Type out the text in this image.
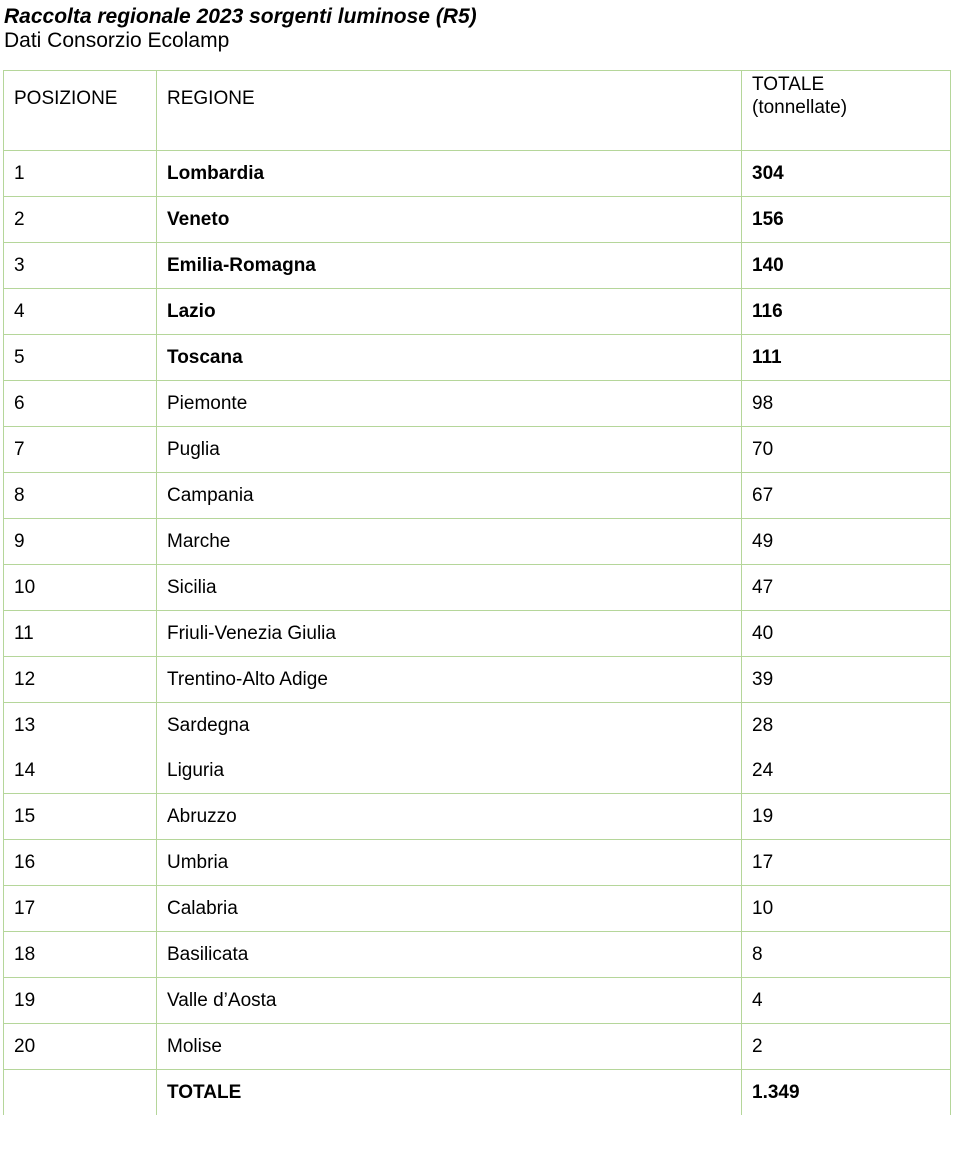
Raccolta regionale 2023 sorgenti luminose (R5)
Dati Consorzio Ecolamp
POSIZIONE	REGIONE	TOTALE
(tonnellate)
1	Lombardia	304
2	Veneto	156
3	Emilia-Romagna	140
4	Lazio	116
5	Toscana	111
6	Piemonte	98
7	Puglia	70
8	Campania	67
9	Marche	49
10	Sicilia	47
11	Friuli-Venezia Giulia	40
12	Trentino-Alto Adige	39
13	Sardegna	28
14	Liguria	24
15	Abruzzo	19
16	Umbria	17
17	Calabria	10
18	Basilicata	8
19	Valle d’Aosta	4
20	Molise	2
	TOTALE	1.349
